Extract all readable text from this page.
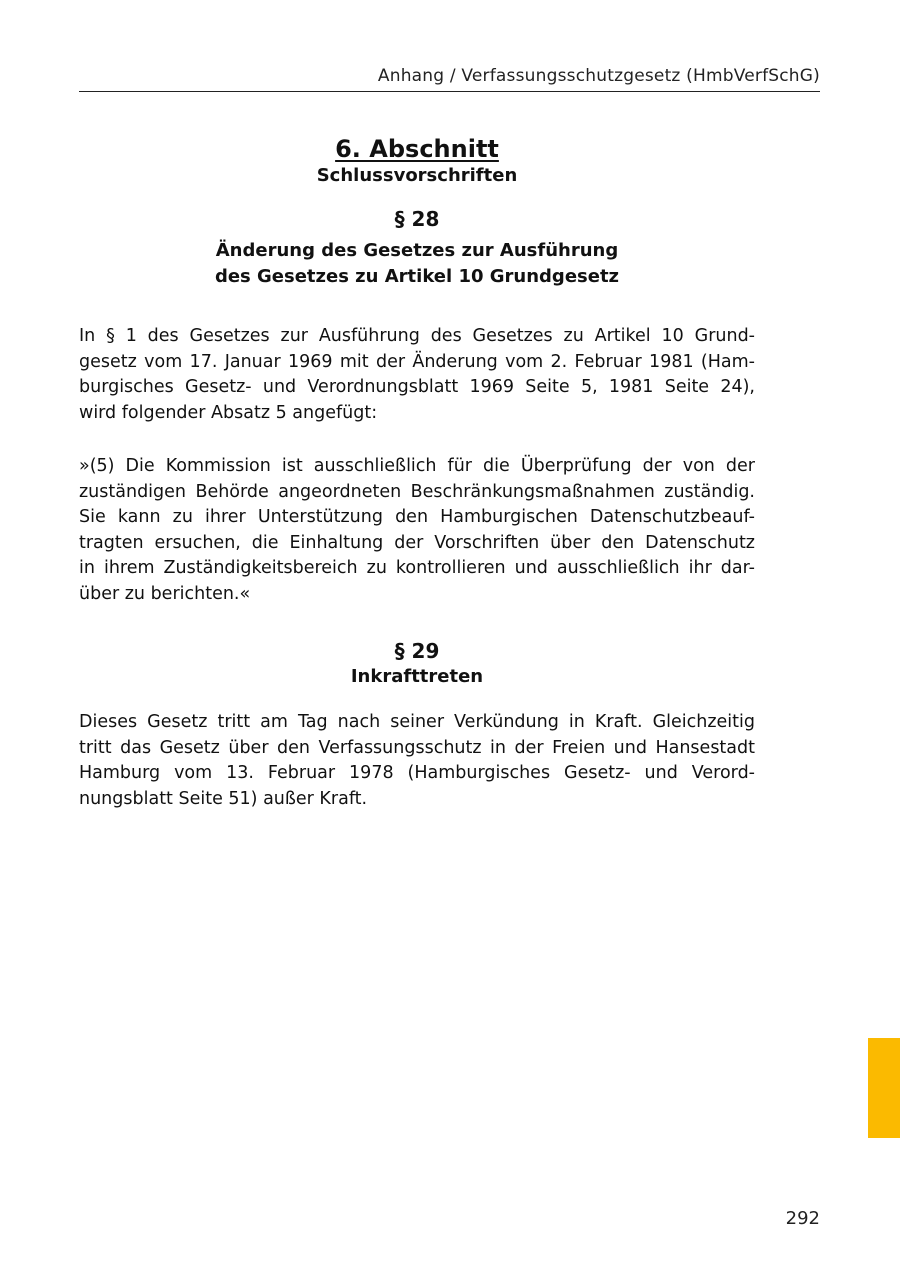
Anhang / Verfassungsschutzgesetz (HmbVerfSchG)
6. Abschnitt
Schlussvorschriften
§ 28
Änderung des Gesetzes zur Ausführung
des Gesetzes zu Artikel 10 Grundgesetz
In § 1 des Gesetzes zur Ausführung des Gesetzes zu Artikel 10 Grund-
gesetz vom 17. Januar 1969 mit der Änderung vom 2. Februar 1981 (Ham-
burgisches Gesetz- und Verordnungsblatt 1969 Seite 5, 1981 Seite 24),
wird folgender Absatz 5 angefügt:
»(5) Die Kommission ist ausschließlich für die Überprüfung der von der
zuständigen Behörde angeordneten Beschränkungsmaßnahmen zuständig.
Sie kann zu ihrer Unterstützung den Hamburgischen Datenschutzbeauf-
tragten ersuchen, die Einhaltung der Vorschriften über den Datenschutz
in ihrem Zuständigkeitsbereich zu kontrollieren und ausschließlich ihr dar-
über zu berichten.«
§ 29
Inkrafttreten
Dieses Gesetz tritt am Tag nach seiner Verkündung in Kraft. Gleichzeitig
tritt das Gesetz über den Verfassungsschutz in der Freien und Hansestadt
Hamburg vom 13. Februar 1978 (Hamburgisches Gesetz- und Verord-
nungsblatt Seite 51) außer Kraft.
292
